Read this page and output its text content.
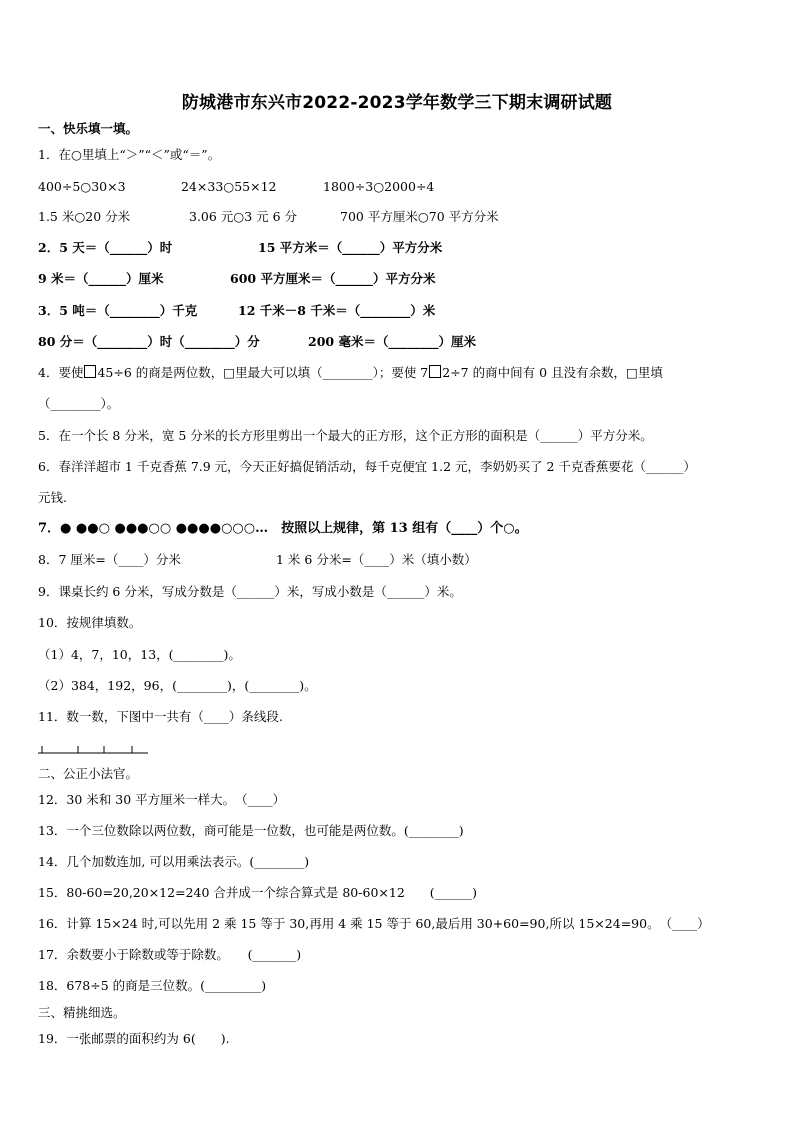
防城港市东兴市2022-2023学年数学三下期末调研试题
一、快乐填一填。
1．在○里填上“＞”“＜”或“＝”。
400÷5○30×3	24×33○55×12	1800÷3○2000÷4
1.5 米○20 分米	3.06 元○3 元 6 分	700 平方厘米○70 平方分米
2．5 天＝（______）时	15 平方米＝（______）平方分米
9 米＝（______）厘米	600 平方厘米＝（______）平方分米
3．5 吨＝（________）千克	12 千米－8 千米＝（________）米
80 分＝（________）时（________）分	200 毫米＝（________）厘米
4．要使 45÷6 的商是两位数，□里最大可以填（________）；要使 7 2÷7 的商中间有 0 且没有余数，□里填
（________）。
5．在一个长 8 分米，宽 5 分米的长方形里剪出一个最大的正方形，这个正方形的面积是（______）平方分米。
6．春洋洋超市 1 千克香蕉 7.9 元，今天正好搞促销活动，每千克便宜 1.2 元，李奶奶买了 2 千克香蕉要花（______）
元钱.
7．● ●●○ ●●●○○ ●●●●○○○…　按照以上规律，第 13 组有（____）个○。
8．7 厘米=（____）分米	1 米 6 分米=（____）米（填小数）
9．课桌长约 6 分米，写成分数是（______）米，写成小数是（______）米。
10．按规律填数。
（1）4，7，10，13，(________)。
（2）384，192，96，(________)，(________)。
11．数一数，下图中一共有（____）条线段.
二、公正小法官。
12．30 米和 30 平方厘米一样大。　（____）
13．一个三位数除以两位数，商可能是一位数，也可能是两位数。(________)
14．几个加数连加, 可以用乘法表示。(________)
15．80-60=20,20×12=240 合并成一个综合算式是 80-60×12　　(______)
16．计算 15×24 时,可以先用 2 乘 15 等于 30,再用 4 乘 15 等于 60,最后用 30+60=90,所以 15×24=90。　（____）
17．余数要小于除数或等于除数。　　(_______)
18．678÷5 的商是三位数。(_________)
三、精挑细选。
19．一张邮票的面积约为 6(　　).
